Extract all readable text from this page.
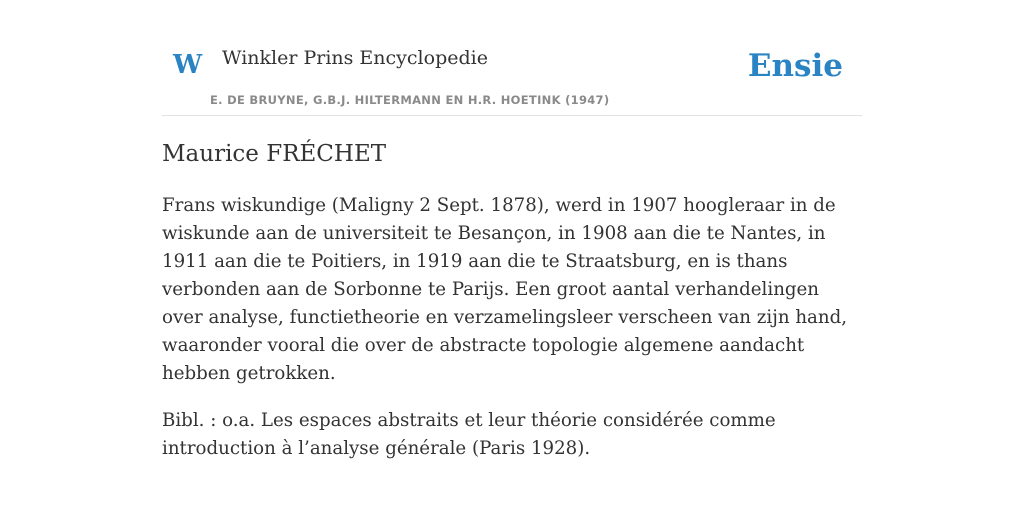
W Winkler Prins Encyclopedie
E. DE BRUYNE, G.B.J. HILTERMANN EN H.R. HOETINK (1947)
Ensie
Maurice FRÉCHET

Frans wiskundige (Maligny 2 Sept. 1878), werd in 1907 hoogleraar in de wiskunde aan de universiteit te Besançon, in 1908 aan die te Nantes, in 1911 aan die te Poitiers, in 1919 aan die te Straatsburg, en is thans verbonden aan de Sorbonne te Parijs. Een groot aantal verhandelingen over analyse, functietheorie en verzamelingsleer verscheen van zijn hand, waaronder vooral die over de abstracte topologie algemene aandacht hebben getrokken.

Bibl. : o.a. Les espaces abstraits et leur théorie considérée comme introduction à l’analyse générale (Paris 1928).
